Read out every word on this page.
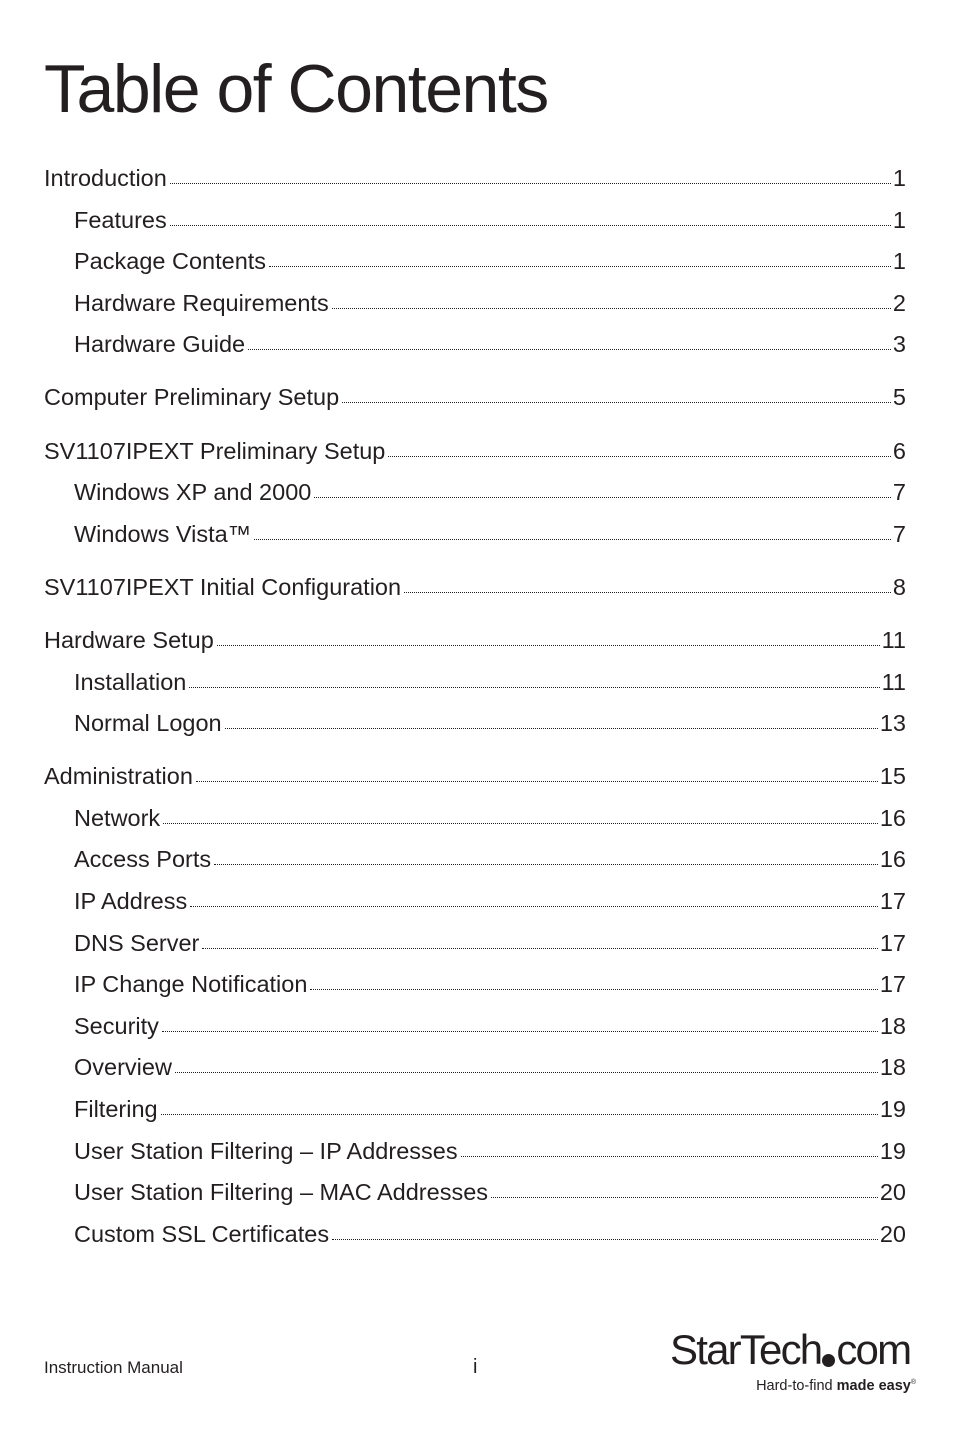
Table of Contents
Introduction	1
Features	1
Package Contents	1
Hardware Requirements	2
Hardware Guide	3
Computer Preliminary Setup	5
SV1107IPEXT Preliminary Setup	6
Windows XP and 2000	7
Windows Vista™	7
SV1107IPEXT Initial Configuration	8
Hardware Setup	11
Installation	11
Normal Logon	13
Administration	15
Network	16
Access Ports	16
IP Address	17
DNS Server	17
IP Change Notification	17
Security	18
Overview	18
Filtering	19
User Station Filtering – IP Addresses	19
User Station Filtering – MAC Addresses	20
Custom SSL Certificates	20
Instruction Manual	i	StarTech com
Hard-to-find made easy®
